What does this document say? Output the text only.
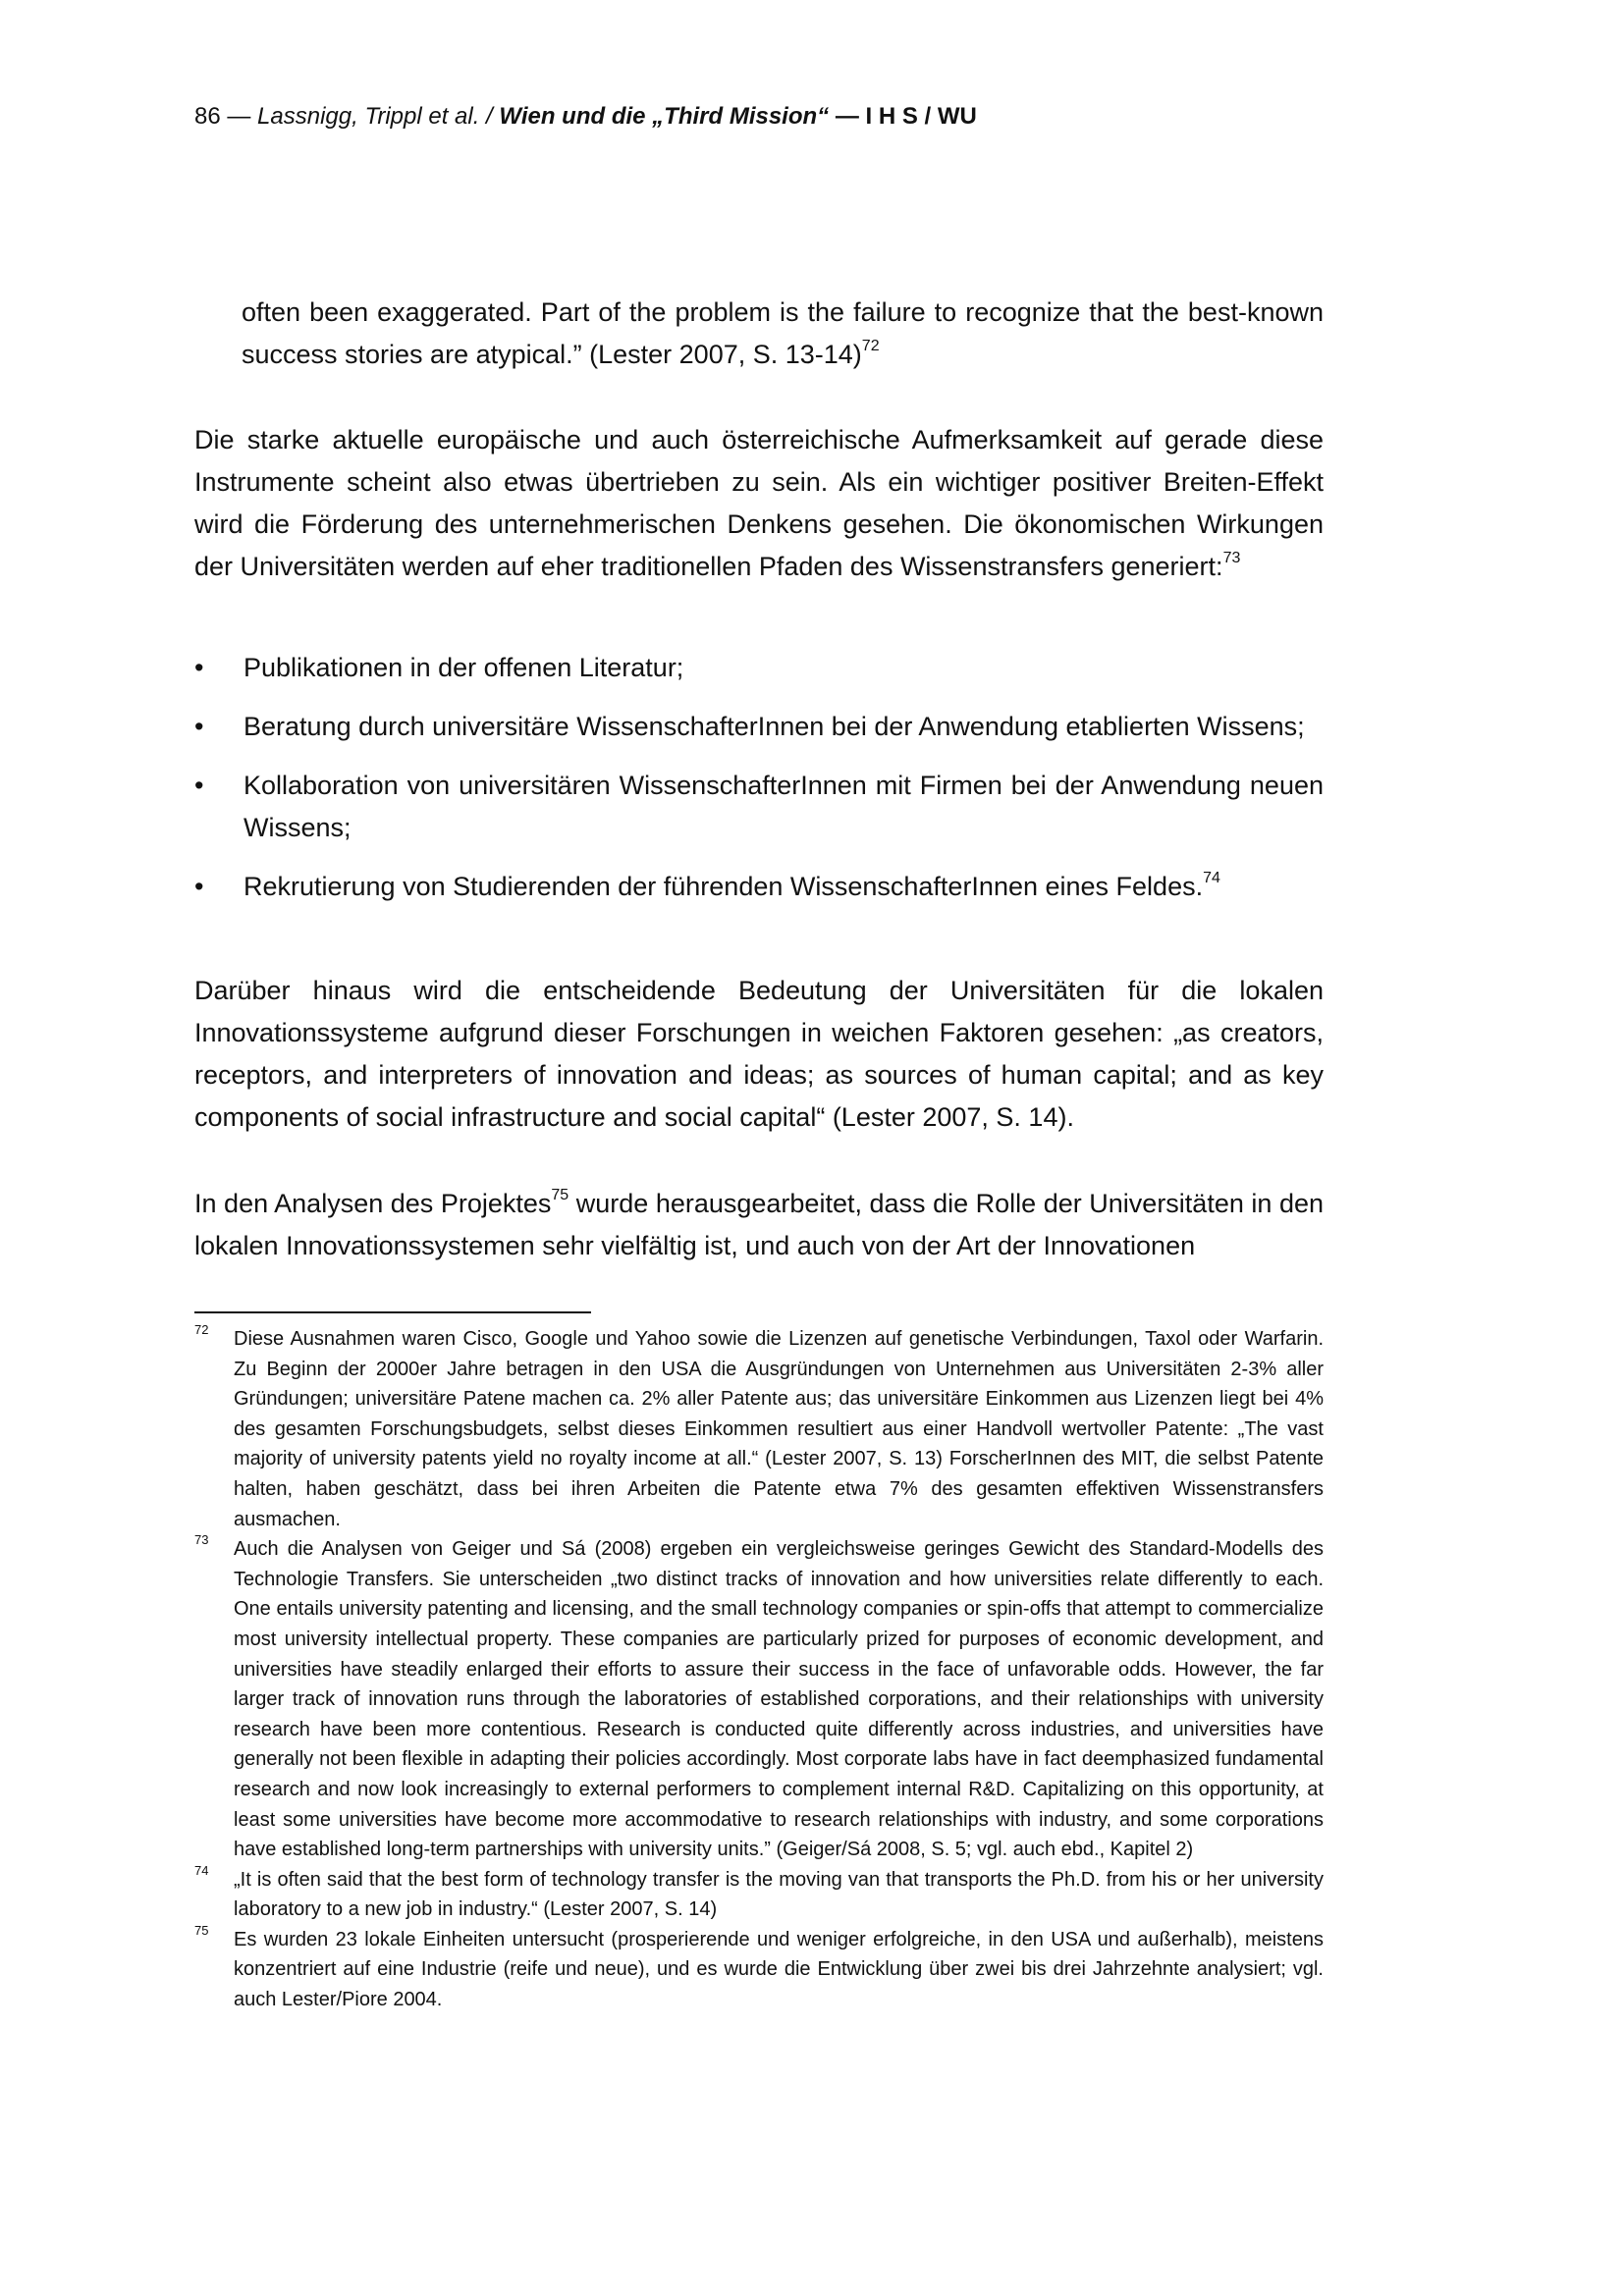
86 — Lassnigg, Trippl et al. / Wien und die „Third Mission“ — I H S / WU

often been exaggerated. Part of the problem is the failure to recognize that the best-known success stories are atypical.” (Lester 2007, S. 13-14)$^{72}$

Die starke aktuelle europäische und auch österreichische Aufmerksamkeit auf gerade diese Instrumente scheint also etwas übertrieben zu sein. Als ein wichtiger positiver Breiten-Effekt wird die Förderung des unternehmerischen Denkens gesehen. Die ökonomischen Wirkungen der Universitäten werden auf eher traditionellen Pfaden des Wissenstransfers generiert:$^{73}$

•	Publikationen in der offenen Literatur;
•	Beratung durch universitäre WissenschafterInnen bei der Anwendung etablierten Wissens;
•	Kollaboration von universitären WissenschafterInnen mit Firmen bei der Anwendung neuen Wissens;
•	Rekrutierung von Studierenden der führenden WissenschafterInnen eines Feldes.$^{74}$

Darüber hinaus wird die entscheidende Bedeutung der Universitäten für die lokalen Innovationssysteme aufgrund dieser Forschungen in weichen Faktoren gesehen: „as creators, receptors, and interpreters of innovation and ideas; as sources of human capital; and as key components of social infrastructure and social capital“ (Lester 2007, S. 14).

In den Analysen des Projektes$^{75}$ wurde herausgearbeitet, dass die Rolle der Universitäten in den lokalen Innovationssystemen sehr vielfältig ist, und auch von der Art der Innovationen

72 Diese Ausnahmen waren Cisco, Google und Yahoo sowie die Lizenzen auf genetische Verbindungen, Taxol oder Warfarin. Zu Beginn der 2000er Jahre betragen in den USA die Ausgründungen von Unternehmen aus Universitäten 2-3% aller Gründungen; universitäre Patene machen ca. 2% aller Patente aus; das universitäre Einkommen aus Lizenzen liegt bei 4% des gesamten Forschungsbudgets, selbst dieses Einkommen resultiert aus einer Handvoll wertvoller Patente: „The vast majority of university patents yield no royalty income at all.“ (Lester 2007, S. 13) ForscherInnen des MIT, die selbst Patente halten, haben geschätzt, dass bei ihren Arbeiten die Patente etwa 7% des gesamten effektiven Wissenstransfers ausmachen.
73 Auch die Analysen von Geiger und Sá (2008) ergeben ein vergleichsweise geringes Gewicht des Standard-Modells des Technologie Transfers. Sie unterscheiden „two distinct tracks of innovation and how universities relate differently to each. One entails university patenting and licensing, and the small technology companies or spin-offs that attempt to commercialize most university intellectual property. These companies are particularly prized for purposes of economic development, and universities have steadily enlarged their efforts to assure their success in the face of unfavorable odds. However, the far larger track of innovation runs through the laboratories of established corporations, and their relationships with university research have been more contentious. Research is conducted quite differently across industries, and universities have generally not been flexible in adapting their policies accordingly. Most corporate labs have in fact deemphasized fundamental research and now look increasingly to external performers to complement internal R&D. Capitalizing on this opportunity, at least some universities have become more accommodative to research relationships with industry, and some corporations have established long-term partnerships with university units.” (Geiger/Sá 2008, S. 5; vgl. auch ebd., Kapitel 2)
74 „It is often said that the best form of technology transfer is the moving van that transports the Ph.D. from his or her university laboratory to a new job in industry.“ (Lester 2007, S. 14)
75 Es wurden 23 lokale Einheiten untersucht (prosperierende und weniger erfolgreiche, in den USA und außerhalb), meistens konzentriert auf eine Industrie (reife und neue), und es wurde die Entwicklung über zwei bis drei Jahrzehnte analysiert; vgl. auch Lester/Piore 2004.
